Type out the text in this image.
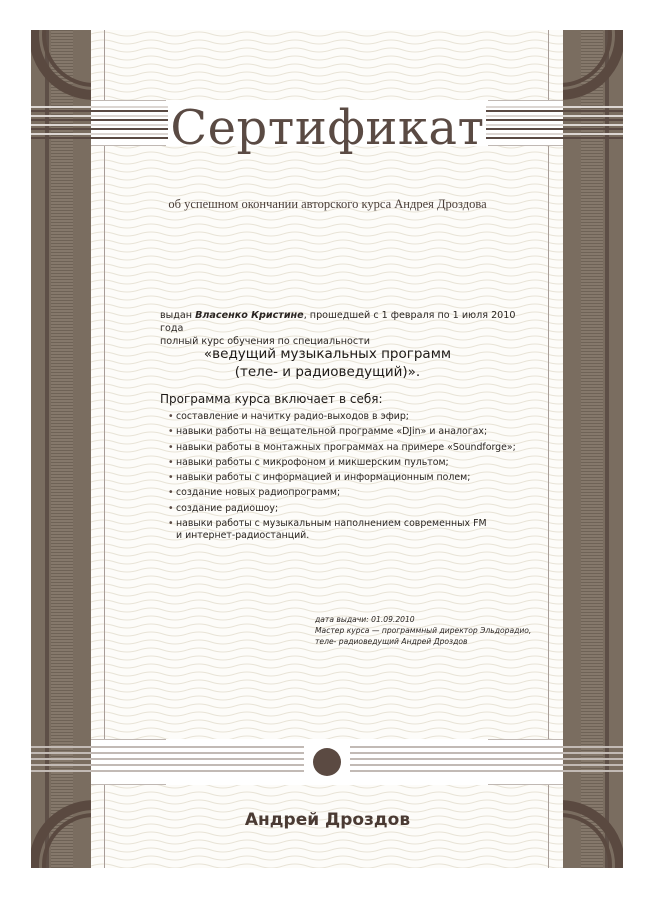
Сертификат
об успешном окончании авторского курса Андрея Дроздова
выдан Власенко Кристине, прошедшей с 1 февраля по 1 июля 2010 года
полный курс обучения по специальности
«ведущий музыкальных программ
(теле- и радиоведущий)».
Программа курса включает в себя:
• составление и начитку радио-выходов в эфир;
• навыки работы на вещательной программе «DJin» и аналогах;
• навыки работы в монтажных программах на примере «Soundforge»;
• навыки работы с микрофоном и микшерским пультом;
• навыки работы с информацией и информационным полем;
• создание новых радиопрограмм;
• создание радиошоу;
• навыки работы с музыкальным наполнением современных FM
и интернет-радиостанций.
дата выдачи: 01.09.2010
Мастер курса — программный директор Эльдорадио,
теле- радиоведущий Андрей Дроздов
Андрей Дроздов
